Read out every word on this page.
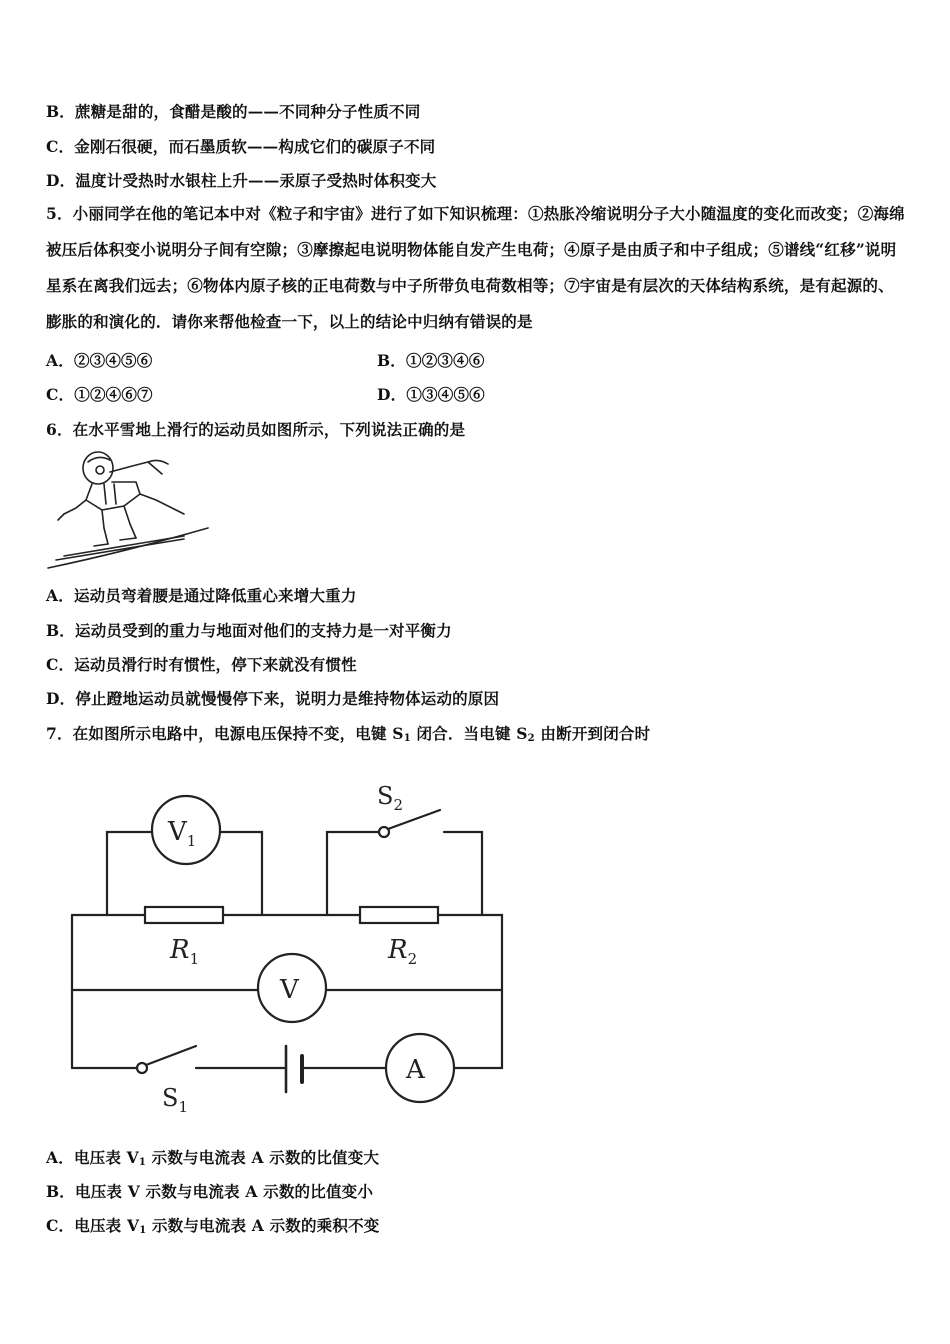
B．蔗糖是甜的，食醋是酸的——不同种分子性质不同
C．金刚石很硬，而石墨质软——构成它们的碳原子不同
D．温度计受热时水银柱上升——汞原子受热时体积变大
5．小丽同学在他的笔记本中对《粒子和宇宙》进行了如下知识梳理：①热胀冷缩说明分子大小随温度的变化而改变；②海绵被压后体积变小说明分子间有空隙；③摩擦起电说明物体能自发产生电荷；④原子是由质子和中子组成；⑤谱线“红移”说明星系在离我们远去；⑥物体内原子核的正电荷数与中子所带负电荷数相等；⑦宇宙是有层次的天体结构系统，是有起源的、膨胀的和演化的．请你来帮他检查一下，以上的结论中归纳有错误的是
A．②③④⑤⑥	B．①②③④⑥
C．①②④⑥⑦	D．①③④⑤⑥
6．在水平雪地上滑行的运动员如图所示，下列说法正确的是
A．运动员弯着腰是通过降低重心来增大重力
B．运动员受到的重力与地面对他们的支持力是一对平衡力
C．运动员滑行时有惯性，停下来就没有惯性
D．停止蹬地运动员就慢慢停下来，说明力是维持物体运动的原因
7．在如图所示电路中，电源电压保持不变，电键 $S_1$ 闭合．当电键 $S_2$ 由断开到闭合时
$S_2$
$V_1$
$R_1$	$R_2$
V
A
$S_1$
A．电压表 $V_1$ 示数与电流表 A 示数的比值变大
B．电压表 V 示数与电流表 A 示数的比值变小
C．电压表 $V_1$ 示数与电流表 A 示数的乘积不变
